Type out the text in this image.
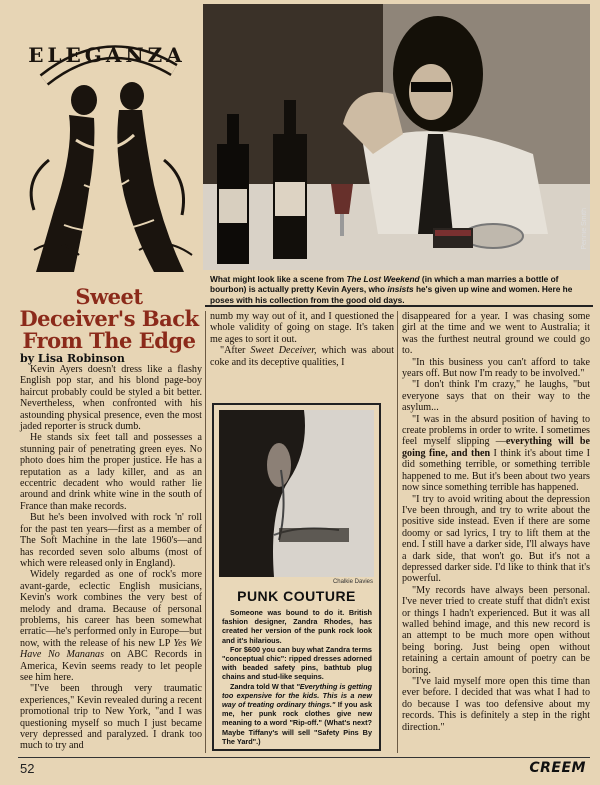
ELEGANZA
Pennie Smith
What might look like a scene from The Lost Weekend (in which a man marries a bottle of bourbon) is actually pretty Kevin Ayers, who insists he's given up wine and women. Here he poses with his collection from the good old days.
Sweet
Deceiver's Back
From The Edge
by Lisa Robinson

Kevin Ayers doesn't dress like a flashy English pop star, and his blond page-boy haircut probably could be styled a bit better. Nevertheless, when confronted with his astounding physical presence, even the most jaded reporter is struck dumb.

He stands six feet tall and possesses a stunning pair of penetrating green eyes. No photo does him the proper justice. He has a reputation as a lady killer, and as an eccentric decadent who would rather lie around and drink white wine in the south of France than make records.

But he's been involved with rock 'n' roll for the past ten years—first as a member of The Soft Machine in the late 1960's—and has recorded seven solo albums (most of which were released only in England).

Widely regarded as one of rock's more avant-garde, eclectic English musicians, Kevin's work combines the very best of melody and drama. Because of personal problems, his career has been somewhat erratic—he's performed only in Europe—but now, with the release of his new LP Yes We Have No Mananas on ABC Records in America, Kevin seems ready to let people see him here.

"I've been through very traumatic experiences," Kevin revealed during a recent promotional trip to New York, "and I was questioning myself so much I just became very depressed and paralyzed. I drank too much to try and

numb my way out of it, and I questioned the whole validity of going on stage. It's taken me ages to sort it out.

"After Sweet Deceiver, which was about coke and its deceptive qualities, I

Chalkie Davies
PUNK COUTURE

Someone was bound to do it. British fashion designer, Zandra Rhodes, has created her version of the punk rock look and it's hilarious.

For $600 you can buy what Zandra terms "conceptual chic": ripped dresses adorned with beaded safety pins, bathtub plug chains and stud-like sequins.

Zandra told W that "Everything is getting too expensive for the kids. This is a new way of treating ordinary things." If you ask me, her punk rock clothes give new meaning to a word "Rip-off." (What's next? Maybe Tiffany's will sell "Safety Pins By The Yard".)

disappeared for a year. I was chasing some girl at the time and we went to Australia; it was the furthest neutral ground we could go to.

"In this business you can't afford to take years off. But now I'm ready to be involved."

"I don't think I'm crazy," he laughs, "but everyone says that on their way to the asylum...

"I was in the absurd position of having to create problems in order to write. I sometimes feel myself slipping —everything will be going fine, and then I think it's about time I did something terrible, or something terrible happened to me. But it's been about two years now since something terrible has happened.

"I try to avoid writing about the depression I've been through, and try to write about the positive side instead. Even if there are some doomy or sad lyrics, I try to lift them at the end. I still have a darker side, I'll always have a dark side, that won't go. But it's not a depressed darker side. I'd like to think that it's powerful.

"My records have always been personal. I've never tried to create stuff that didn't exist or things I hadn't experienced. But it was all walled behind image, and this new record is an attempt to be much more open without being boring. Just being open without retaining a certain amount of poetry can be boring.

"I've laid myself more open this time than ever before. I decided that was what I had to do because I was too defensive about my records. This is definitely a step in the right direction."

52	CREEM
